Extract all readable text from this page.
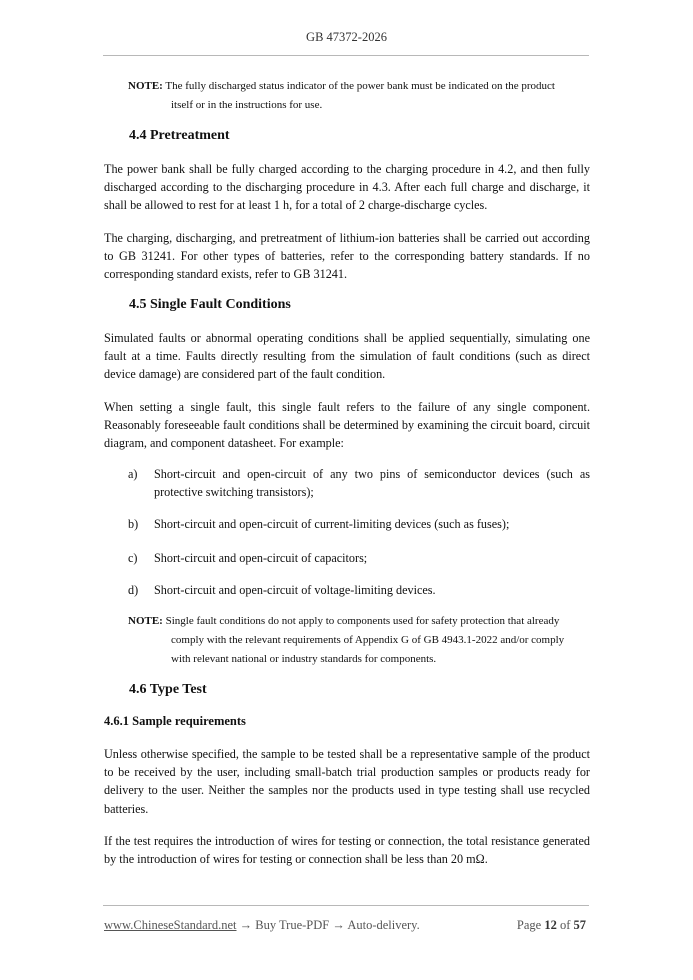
GB 47372-2026
NOTE: The fully discharged status indicator of the power bank must be indicated on the product
itself or in the instructions for use.
4.4 Pretreatment
The power bank shall be fully charged according to the charging procedure in 4.2, and then fully discharged according to the discharging procedure in 4.3. After each full charge and discharge, it shall be allowed to rest for at least 1 h, for a total of 2 charge-discharge cycles.
The charging, discharging, and pretreatment of lithium-ion batteries shall be carried out according to GB 31241. For other types of batteries, refer to the corresponding battery standards. If no corresponding standard exists, refer to GB 31241.
4.5 Single Fault Conditions
Simulated faults or abnormal operating conditions shall be applied sequentially, simulating one fault at a time. Faults directly resulting from the simulation of fault conditions (such as direct device damage) are considered part of the fault condition.
When setting a single fault, this single fault refers to the failure of any single component. Reasonably foreseeable fault conditions shall be determined by examining the circuit board, circuit diagram, and component datasheet. For example:
a) Short-circuit and open-circuit of any two pins of semiconductor devices (such as protective switching transistors);
b) Short-circuit and open-circuit of current-limiting devices (such as fuses);
c) Short-circuit and open-circuit of capacitors;
d) Short-circuit and open-circuit of voltage-limiting devices.
NOTE: Single fault conditions do not apply to components used for safety protection that already
comply with the relevant requirements of Appendix G of GB 4943.1-2022 and/or comply
with relevant national or industry standards for components.
4.6 Type Test
4.6.1 Sample requirements
Unless otherwise specified, the sample to be tested shall be a representative sample of the product to be received by the user, including small-batch trial production samples or products ready for delivery to the user. Neither the samples nor the products used in type testing shall use recycled batteries.
If the test requires the introduction of wires for testing or connection, the total resistance generated by the introduction of wires for testing or connection shall be less than 20 mΩ.
www.ChineseStandard.net → Buy True-PDF → Auto-delivery.	Page 12 of 57
